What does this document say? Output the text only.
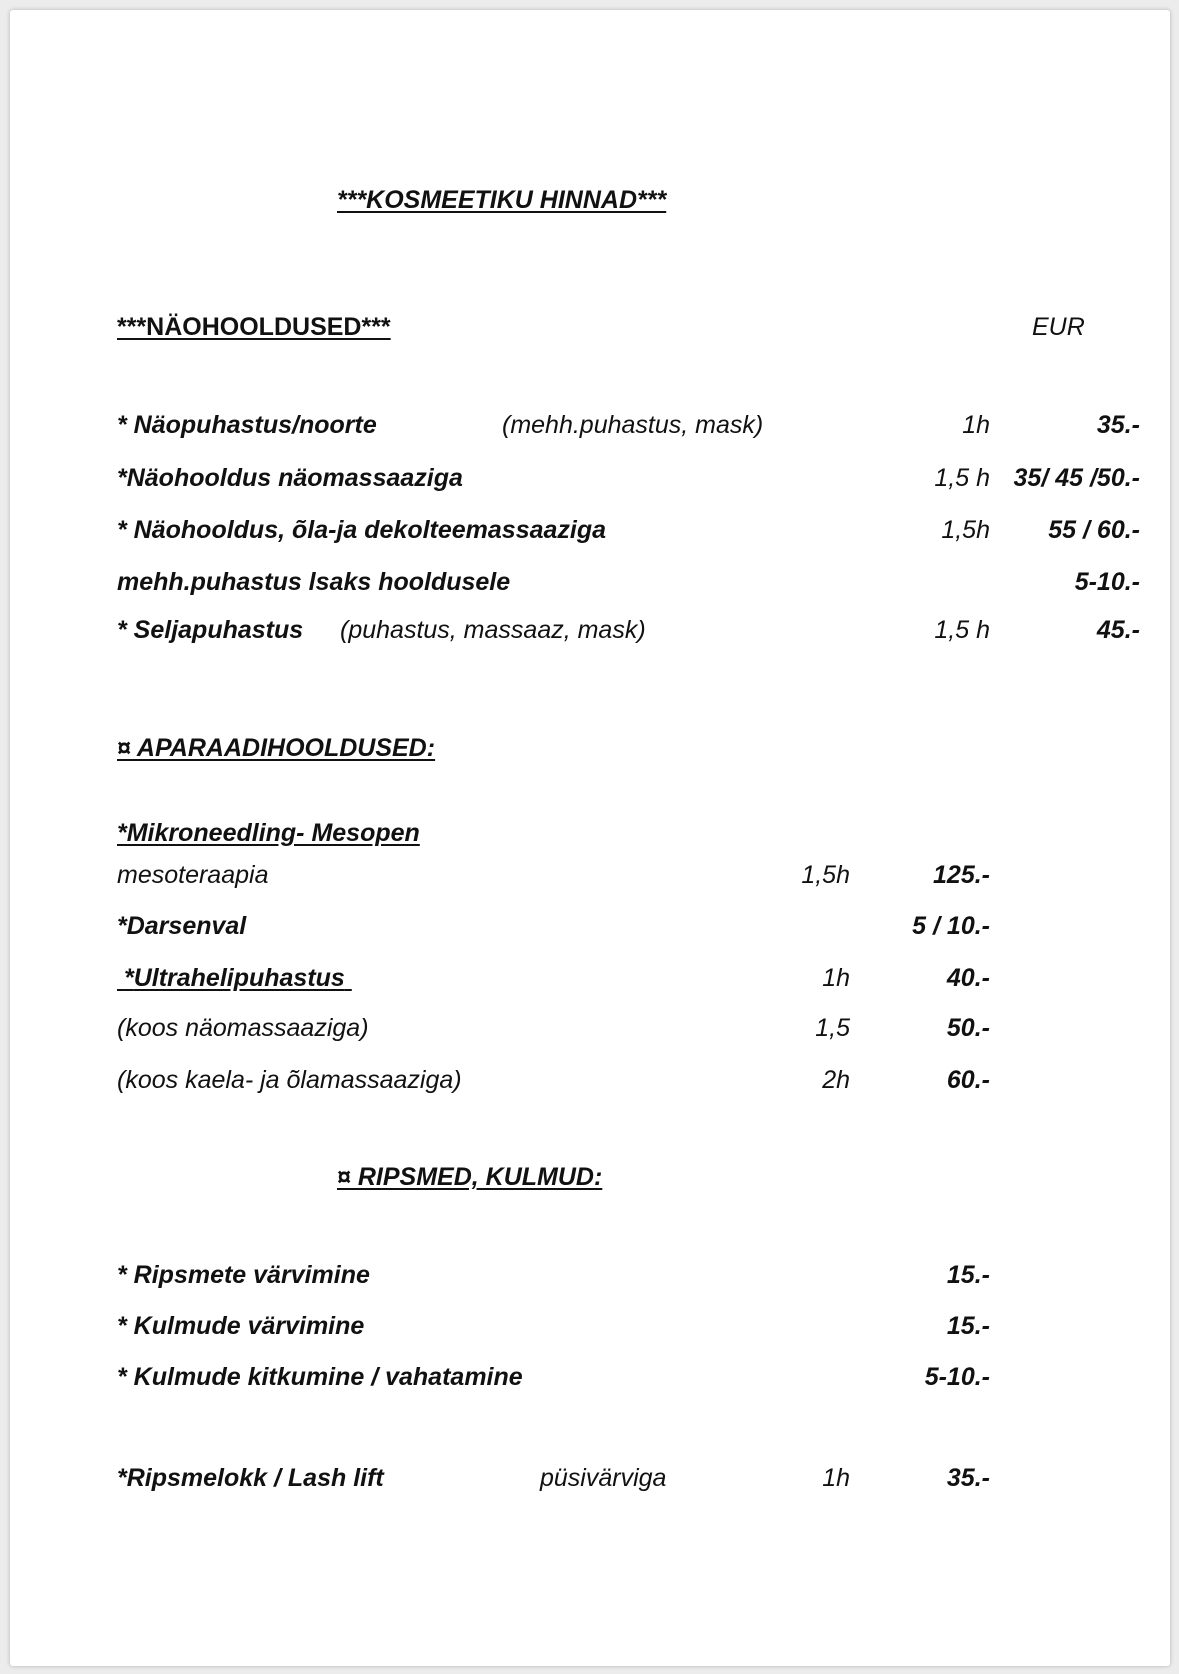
***KOSMEETIKU HINNAD***
***NÄOHOOLDUSED***	EUR
* Näopuhastus/noorte	(mehh.puhastus, mask)	1h	35.-
*Näohooldus näomassaaziga	1,5 h 35/ 45 /50.-
* Näohooldus, õla-ja dekolteemassaaziga	1,5h	55 / 60.-
mehh.puhastus lsaks hooldusele	5-10.-
* Seljapuhastus (puhastus, massaaz, mask)	1,5 h	45.-
¤ APARAADIHOOLDUSED:
*Mikroneedling- Mesopen
mesoteraapia	1,5h	125.-
*Darsenval	5 / 10.-
*Ultrahelipuhastus	1h	40.-
(koos näomassaaziga)	1,5	50.-
(koos kaela- ja õlamassaaziga)	2h	60.-
¤ RIPSMED, KULMUD:
* Ripsmete värvimine	15.-
* Kulmude värvimine	15.-
* Kulmude kitkumine / vahatamine	5-10.-
*Ripsmelokk / Lash lift	püsivärviga	1h	35.-
